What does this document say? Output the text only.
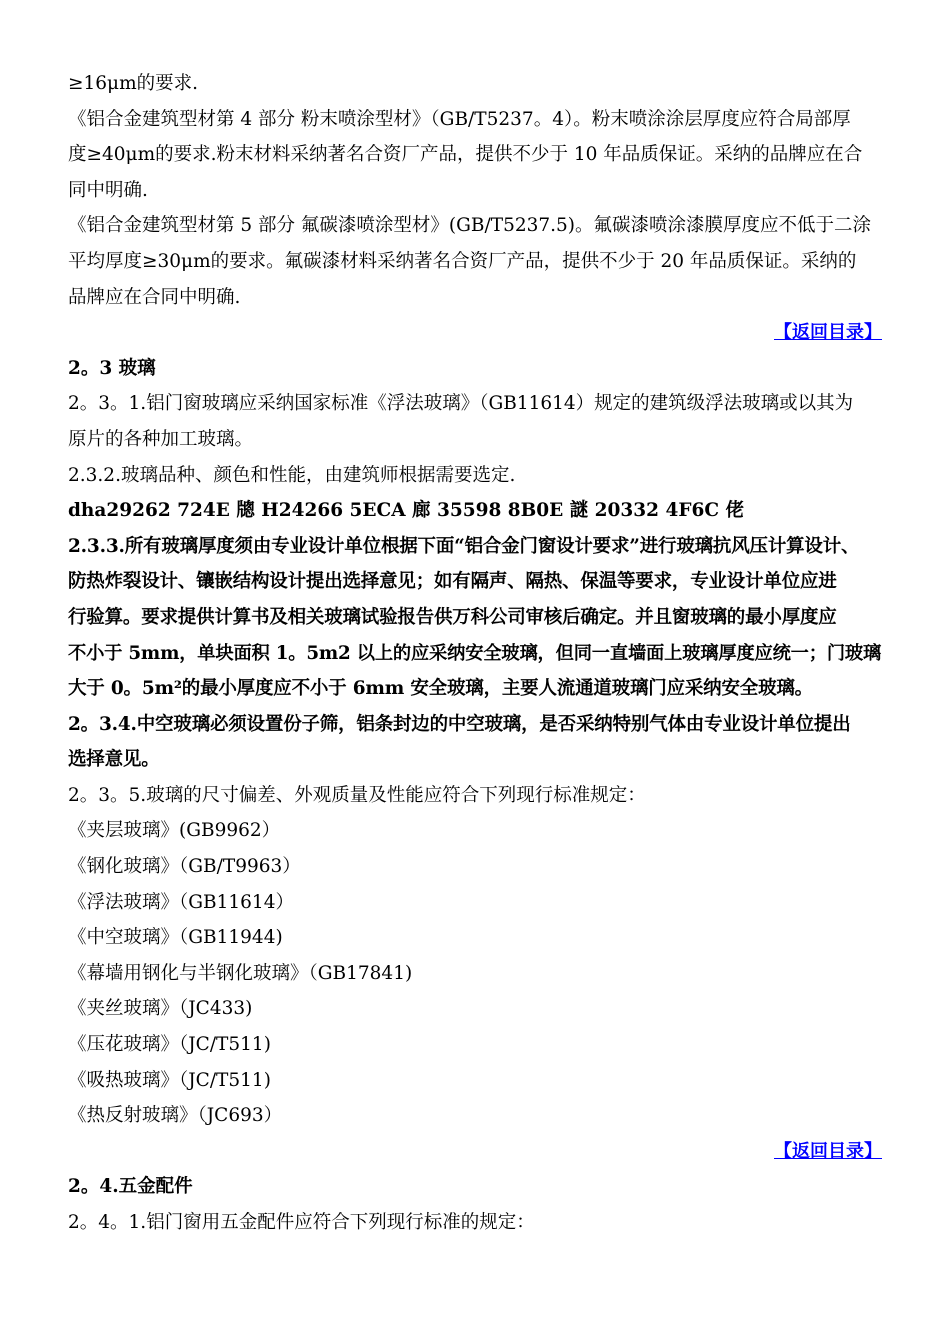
≥16μm的要求.
《铝合金建筑型材第 4 部分 粉末喷涂型材》（GB/T5237。4）。粉末喷涂涂层厚度应符合局部厚
度≥40μm的要求.粉末材料采纳著名合资厂产品，提供不少于 10 年品质保证。采纳的品牌应在合
同中明确.
《铝合金建筑型材第 5 部分 氟碳漆喷涂型材》(GB/T5237.5)。氟碳漆喷涂漆膜厚度应不低于二涂
平均厚度≥30μm的要求。氟碳漆材料采纳著名合资厂产品，提供不少于 20 年品质保证。采纳的
品牌应在合同中明确.
【返回目录】
2。3 玻璃
2。3。1.铝门窗玻璃应采纳国家标准《浮法玻璃》（GB11614）规定的建筑级浮法玻璃或以其为
原片的各种加工玻璃。
2.3.2.玻璃品种、颜色和性能，由建筑师根据需要选定.
dha29262 724E 牕 H24266 5ECA 廊 35598 8B0E 謎 20332 4F6C 佬
2.3.3.所有玻璃厚度须由专业设计单位根据下面“铝合金门窗设计要求”进行玻璃抗风压计算设计、
防热炸裂设计、镶嵌结构设计提出选择意见；如有隔声、隔热、保温等要求，专业设计单位应进
行验算。要求提供计算书及相关玻璃试验报告供万科公司审核后确定。并且窗玻璃的最小厚度应
不小于 5mm，单块面积 1。5m2 以上的应采纳安全玻璃，但同一直墙面上玻璃厚度应统一；门玻璃
大于 0。5m²的最小厚度应不小于 6mm 安全玻璃，主要人流通道玻璃门应采纳安全玻璃。
2。3.4.中空玻璃必须设置份子筛，铝条封边的中空玻璃，是否采纳特别气体由专业设计单位提出
选择意见。
2。3。5.玻璃的尺寸偏差、外观质量及性能应符合下列现行标准规定：
《夹层玻璃》(GB9962）
《钢化玻璃》（GB/T9963）
《浮法玻璃》（GB11614）
《中空玻璃》（GB11944)
《幕墙用钢化与半钢化玻璃》（GB17841)
《夹丝玻璃》（JC433)
《压花玻璃》（JC/T511)
《吸热玻璃》（JC/T511)
《热反射玻璃》（JC693）
【返回目录】
2。4.五金配件
2。4。1.铝门窗用五金配件应符合下列现行标准的规定：
